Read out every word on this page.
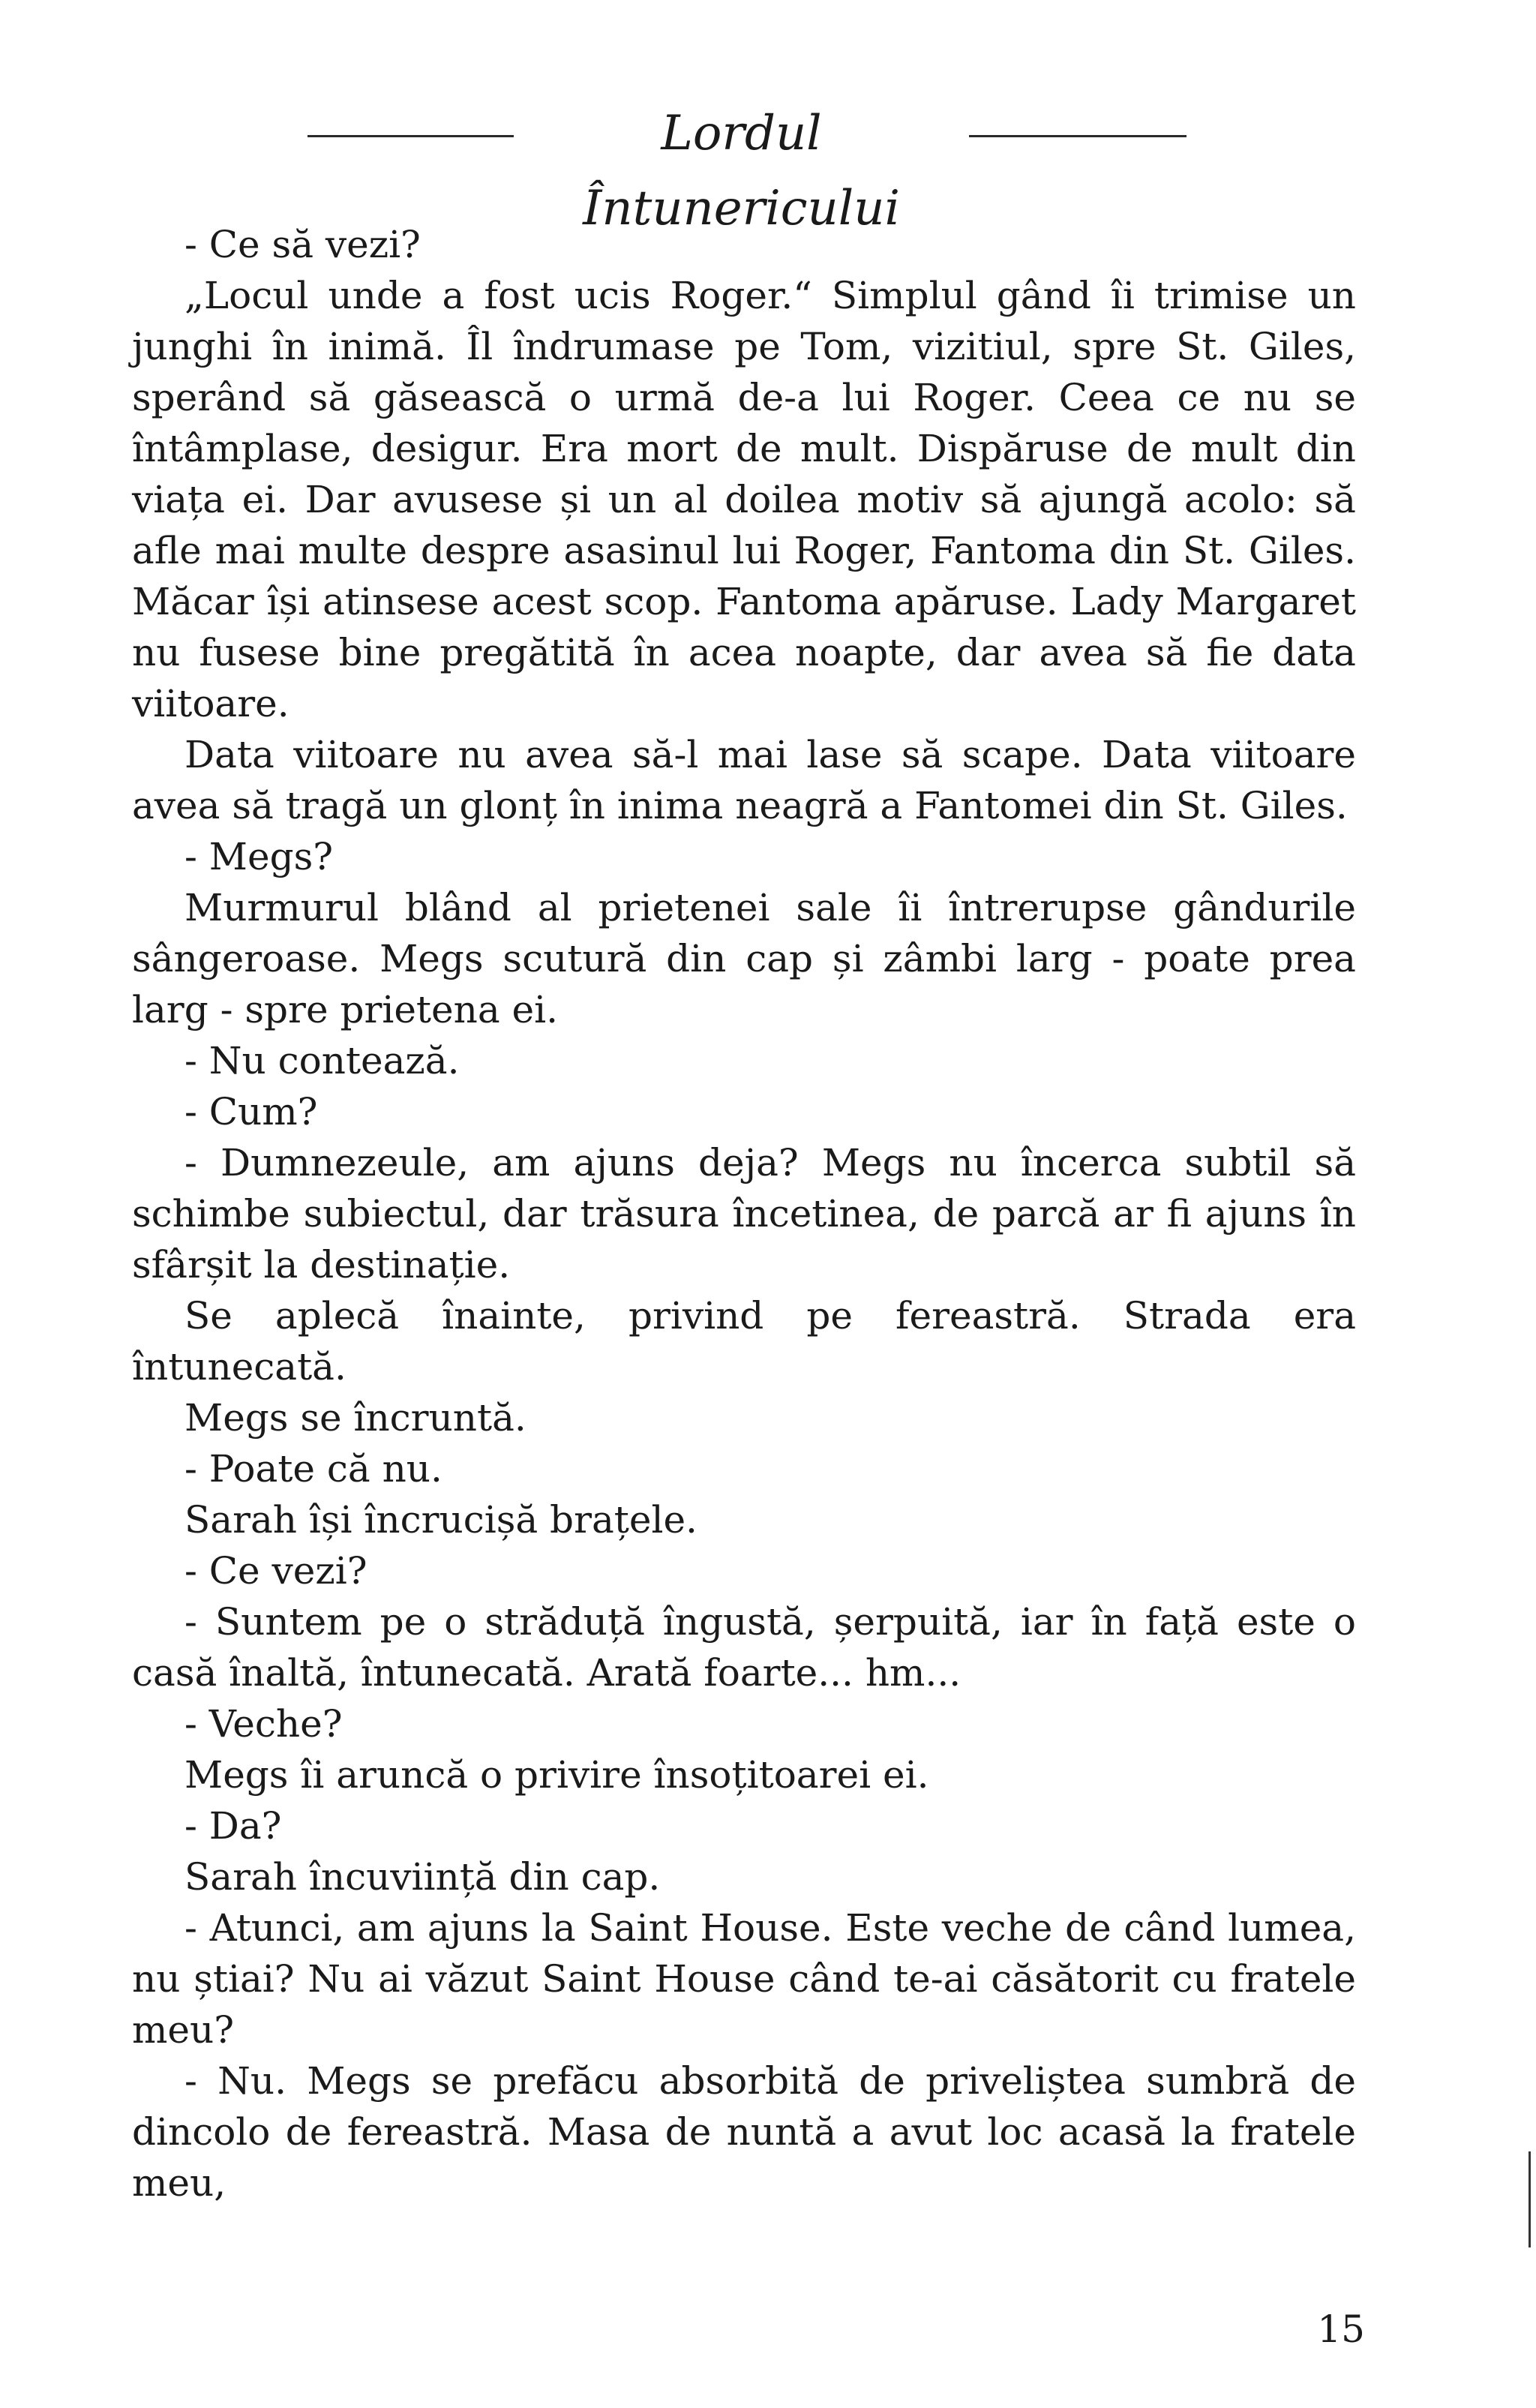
Lordul Întunericului

- Ce să vezi?

„Locul unde a fost ucis Roger.“ Simplul gând îi trimise un junghi în inimă. Îl îndrumase pe Tom, vizitiul, spre St. Giles, sperând să găsească o urmă de-a lui Roger. Ceea ce nu se întâmplase, desigur. Era mort de mult. Dispăruse de mult din viața ei. Dar avusese și un al doilea motiv să ajungă acolo: să afle mai multe despre asasinul lui Roger, Fantoma din St. Giles. Măcar își atinsese acest scop. Fantoma apăruse. Lady Margaret nu fusese bine pregătită în acea noapte, dar avea să fie data viitoare.

Data viitoare nu avea să-l mai lase să scape. Data viitoare avea să tragă un glonț în inima neagră a Fantomei din St. Giles.

- Megs?

Murmurul blând al prietenei sale îi întrerupse gândurile sângeroase. Megs scutură din cap și zâmbi larg - poate prea larg - spre prietena ei.

- Nu contează.

- Cum?

- Dumnezeule, am ajuns deja? Megs nu încerca subtil să schimbe subiectul, dar trăsura încetinea, de parcă ar fi ajuns în sfârșit la destinație.

Se aplecă înainte, privind pe fereastră. Strada era întunecată.

Megs se încruntă.

- Poate că nu.

Sarah își încrucișă brațele.

- Ce vezi?

- Suntem pe o străduță îngustă, șerpuită, iar în față este o casă înaltă, întunecată. Arată foarte... hm...

- Veche?

Megs îi aruncă o privire însoțitoarei ei.

- Da?

Sarah încuviință din cap.

- Atunci, am ajuns la Saint House. Este veche de când lumea, nu știai? Nu ai văzut Saint House când te-ai căsătorit cu fratele meu?

- Nu. Megs se prefăcu absorbită de priveliștea sumbră de dincolo de fereastră. Masa de nuntă a avut loc acasă la fratele meu,

15
